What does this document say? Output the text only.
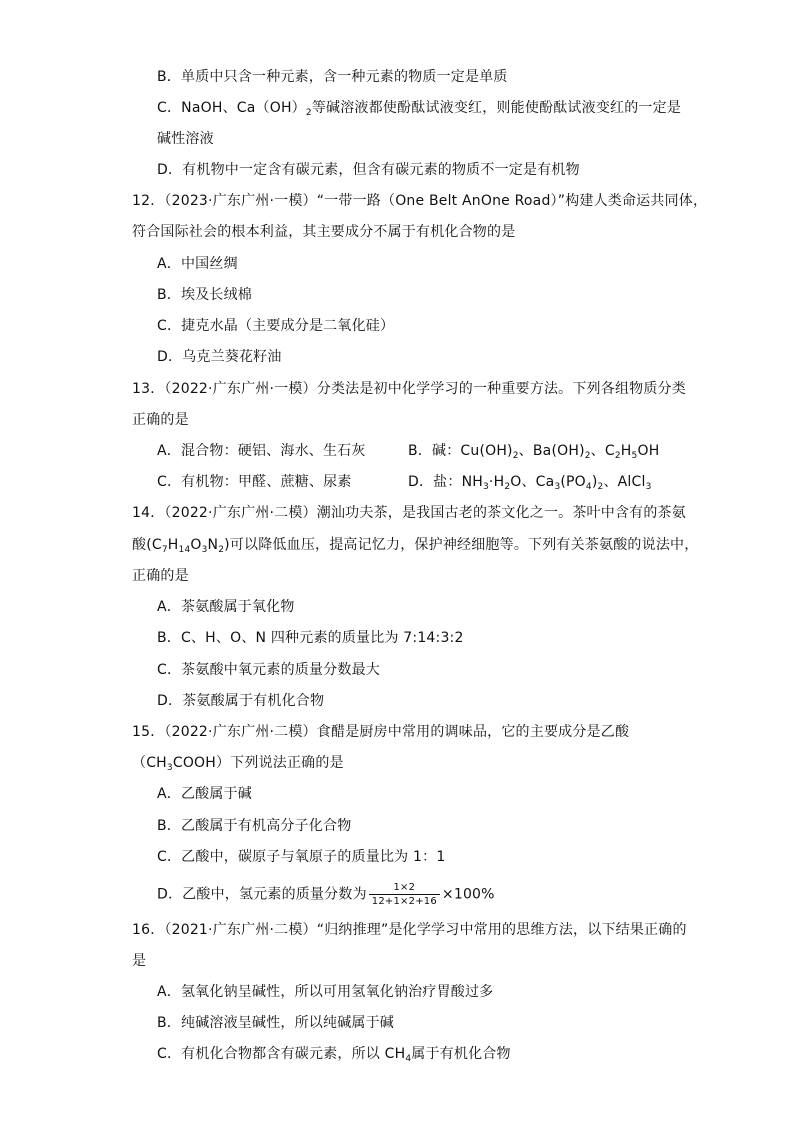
B．单质中只含一种元素，含一种元素的物质一定是单质
C．NaOH、$Ca(OH)_2$等碱溶液都使酚酞试液变红，则能使酚酞试液变红的一定是
碱性溶液
D．有机物中一定含有碳元素，但含有碳元素的物质不一定是有机物
12．（2023·广东广州·一模）“一带一路（One Belt AnOne Road）”构建人类命运共同体，
符合国际社会的根本利益，其主要成分不属于有机化合物的是
A．中国丝绸
B．埃及长绒棉
C．捷克水晶（主要成分是二氧化硅）
D．乌克兰葵花籽油
13．（2022·广东广州·一模）分类法是初中化学学习的一种重要方法。下列各组物质分类
正确的是
A．混合物：硬铝、海水、生石灰	B．碱：$Cu(OH)_2$、$Ba(OH)_2$、$C_2H_5OH$
C．有机物：甲醛、蔗糖、尿素	D．盐：$NH_3\cdot H_2O$、$Ca_3(PO_4)_2$、AlCl$_3$
14．（2022·广东广州·二模）潮汕功夫茶，是我国古老的茶文化之一。茶叶中含有的茶氨
酸$(C_7H_{14}O_3N_2)$可以降低血压，提高记忆力，保护神经细胞等。下列有关茶氨酸的说法中，
正确的是
A．茶氨酸属于氧化物
B．C、H、O、N 四种元素的质量比为 7:14:3:2
C．茶氨酸中氧元素的质量分数最大
D．茶氨酸属于有机化合物
15．（2022·广东广州·二模）食醋是厨房中常用的调味品，它的主要成分是乙酸
$(CH_3COOH)$下列说法正确的是
A．乙酸属于碱
B．乙酸属于有机高分子化合物
C．乙酸中，碳原子与氧原子的质量比为 1：1
D．乙酸中，氢元素的质量分数为 $\frac{1\times 2}{12+1\times 2+16} \times 100\%$
16．（2021·广东广州·二模）“归纳推理”是化学学习中常用的思维方法，以下结果正确的
是
A．氢氧化钠呈碱性，所以可用氢氧化钠治疗胃酸过多
B．纯碱溶液呈碱性，所以纯碱属于碱
C．有机化合物都含有碳元素，所以 $CH_4$属于有机化合物
